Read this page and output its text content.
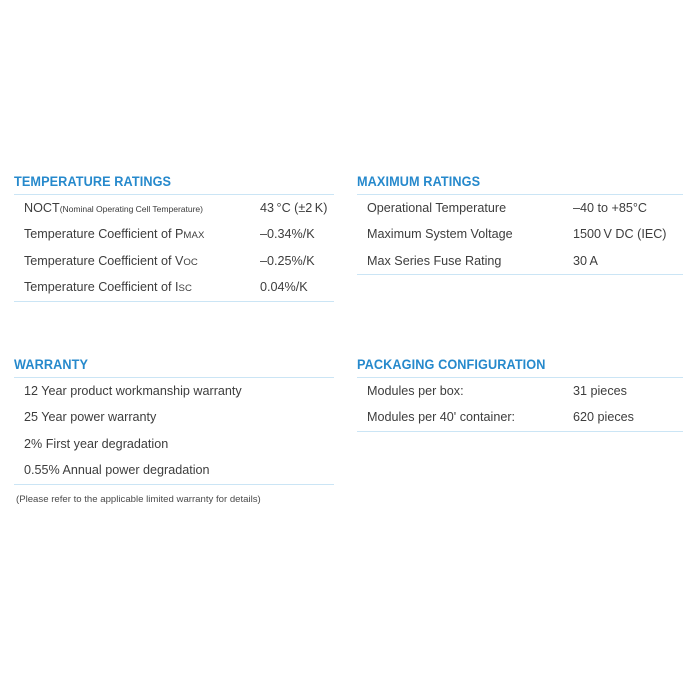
TEMPERATURE RATINGS
NOCT(Nominal Operating Cell Temperature)	43 °C (±2 K)
Temperature Coefficient of PMAX	–0.34%/K
Temperature Coefficient of VOC	–0.25%/K
Temperature Coefficient of ISC	0.04%/K
MAXIMUM RATINGS
Operational Temperature	–40 to +85°C
Maximum System Voltage	1500 V DC (IEC)
Max Series Fuse Rating	30 A
WARRANTY
12 Year product workmanship warranty
25 Year power warranty
2% First year degradation
0.55% Annual power degradation
(Please refer to the applicable limited warranty for details)
PACKAGING CONFIGURATION
Modules per box:	31 pieces
Modules per 40' container:	620 pieces
